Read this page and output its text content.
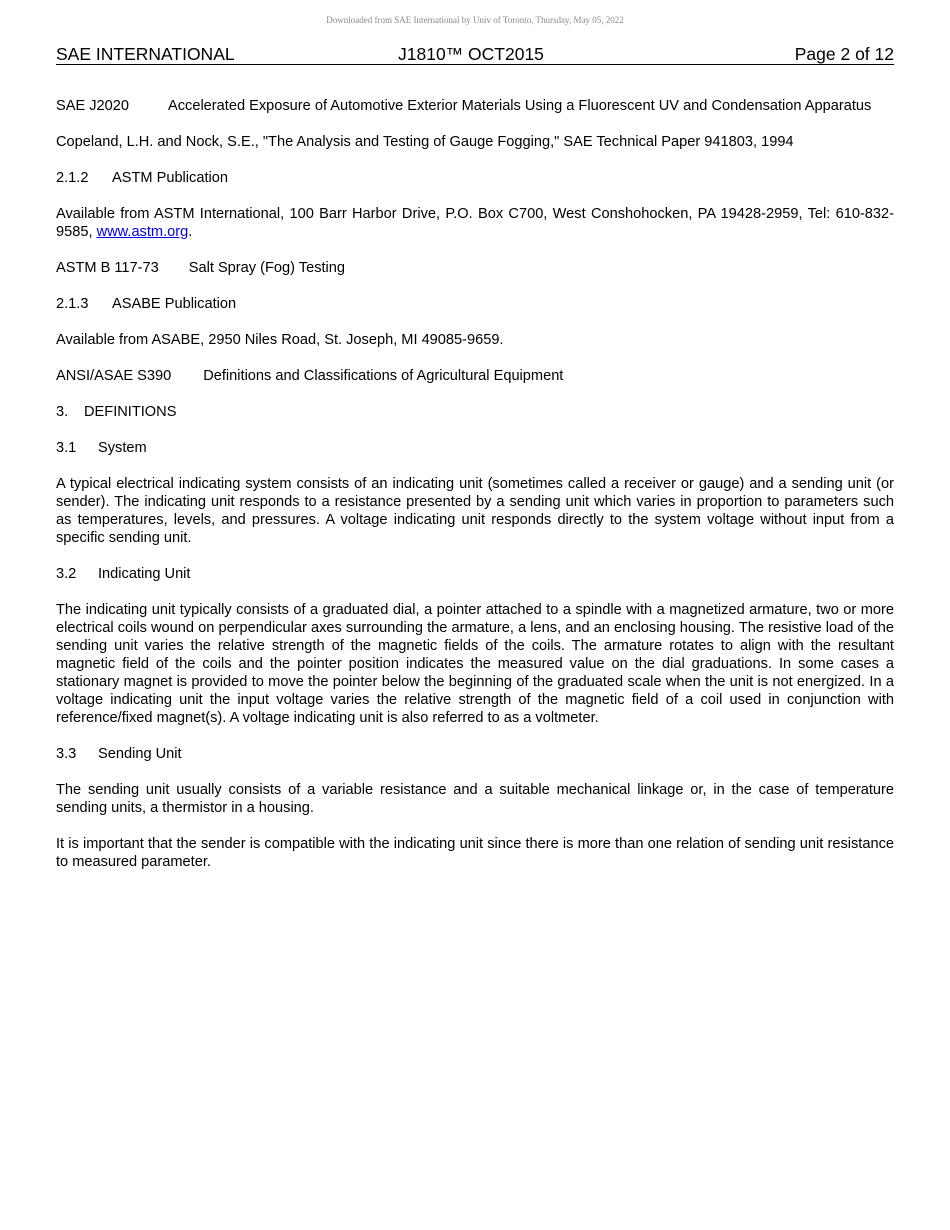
Downloaded from SAE International by Univ of Toronto, Thursday, May 05, 2022
SAE INTERNATIONAL	J1810™ OCT2015	Page 2 of 12
SAE J2020	Accelerated Exposure of Automotive Exterior Materials Using a Fluorescent UV and Condensation Apparatus

Copeland, L.H. and Nock, S.E., "The Analysis and Testing of Gauge Fogging," SAE Technical Paper 941803, 1994

2.1.2 ASTM Publication

Available from ASTM International, 100 Barr Harbor Drive, P.O. Box C700, West Conshohocken, PA 19428-2959, Tel: 610-832-9585, www.astm.org.

ASTM B 117-73 Salt Spray (Fog) Testing

2.1.3 ASABE Publication

Available from ASABE, 2950 Niles Road, St. Joseph, MI 49085-9659.

ANSI/ASAE S390 Definitions and Classifications of Agricultural Equipment

3. DEFINITIONS
3.1 System

A typical electrical indicating system consists of an indicating unit (sometimes called a receiver or gauge) and a sending unit (or sender). The indicating unit responds to a resistance presented by a sending unit which varies in proportion to parameters such as temperatures, levels, and pressures. A voltage indicating unit responds directly to the system voltage without input from a specific sending unit.

3.2 Indicating Unit

The indicating unit typically consists of a graduated dial, a pointer attached to a spindle with a magnetized armature, two or more electrical coils wound on perpendicular axes surrounding the armature, a lens, and an enclosing housing. The resistive load of the sending unit varies the relative strength of the magnetic fields of the coils. The armature rotates to align with the resultant magnetic field of the coils and the pointer position indicates the measured value on the dial graduations. In some cases a stationary magnet is provided to move the pointer below the beginning of the graduated scale when the unit is not energized. In a voltage indicating unit the input voltage varies the relative strength of the magnetic field of a coil used in conjunction with reference/fixed magnet(s). A voltage indicating unit is also referred to as a voltmeter.

3.3 Sending Unit

The sending unit usually consists of a variable resistance and a suitable mechanical linkage or, in the case of temperature sending units, a thermistor in a housing.

It is important that the sender is compatible with the indicating unit since there is more than one relation of sending unit resistance to measured parameter.
